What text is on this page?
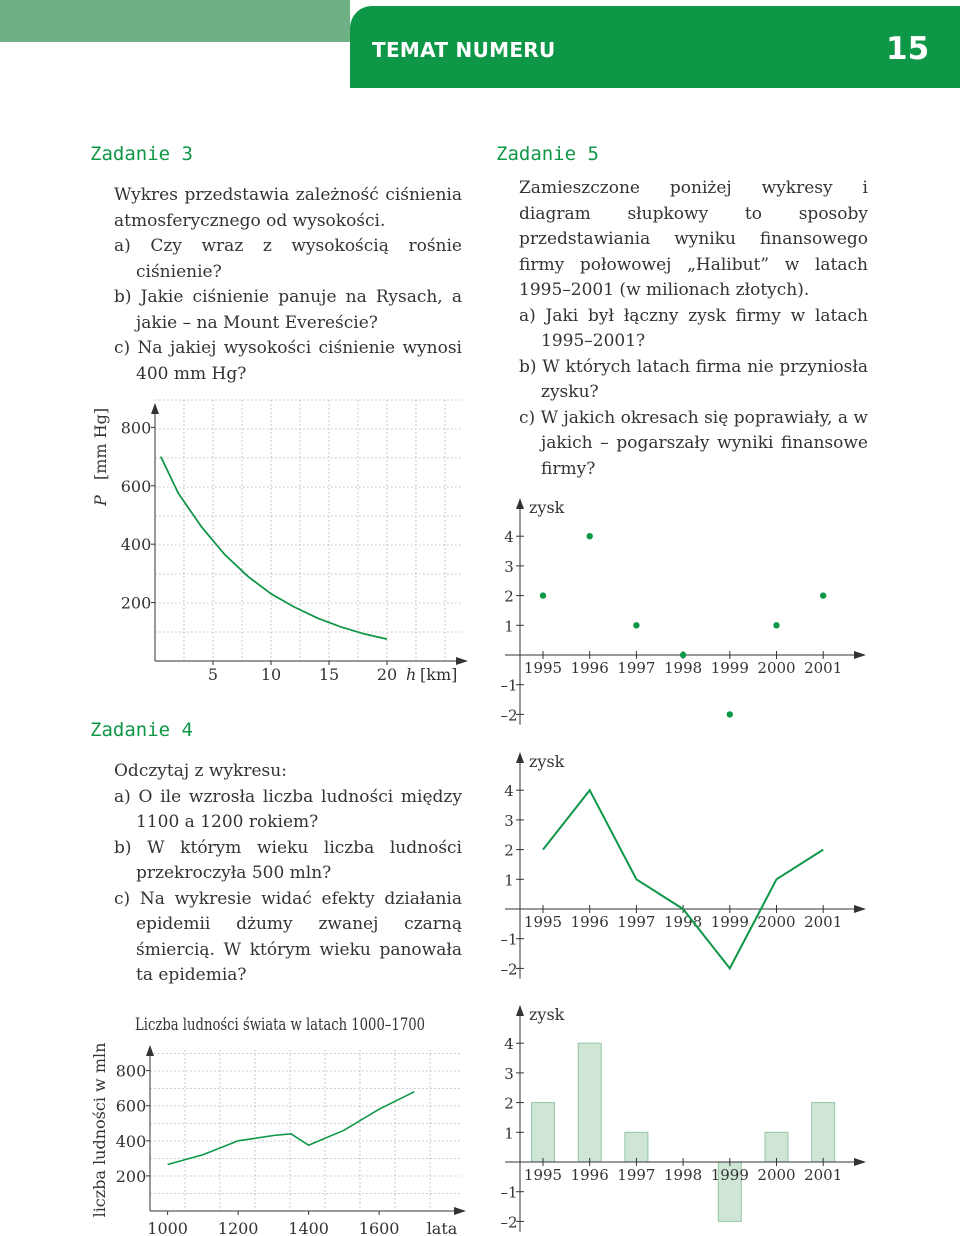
TEMAT NUMERU	15
Zadanie 3
Wykres przedstawia zależność ciśnienia atmosferycznego od wysokości.
a) Czy wraz z wysokością rośnie ciśnienie?
b) Jakie ciśnienie panuje na Rysach, a jakie – na Mount Evereście?
c) Na jakiej wysokości ciśnienie wynosi 400 mm Hg?
Zadanie 4
Odczytaj z wykresu:
a) O ile wzrosła liczba ludności między 1100 a 1200 rokiem?
b) W którym wieku liczba ludności przekroczyła 500 mln?
c) Na wykresie widać efekty działania epidemii dżumy zwanej czarną śmiercią. W którym wieku panowała ta epidemia?
Zadanie 5
Zamieszczone poniżej wykresy i diagram słupkowy to sposoby przedstawiania wyniku finansowego firmy połowowej „Halibut” w latach 1995–2001 (w milionach złotych).
a) Jaki był łączny zysk firmy w latach 1995–2001?
b) W których latach firma nie przyniosła zysku?
c) W jakich okresach się poprawiały, a w jakich – pogarszały wyniki finansowe firmy?
200
400
600
800
5	10 15 20
P
[mm Hg]
h [km]
Liczba ludności świata w latach 1000–1700
200
400
600
800
1000 1200 1400 1600 lata
liczba ludności w mln
zysk
–2
–1
1
2
3
4
1995 1996 1997 1998 1999 2000 2001
zysk
–2
–1
1
2
3
4
1995 1996 1997 1998 1999 2000 2001
zysk
–2
–1
1
2
3
4
1995 1996 1997 1998 1999 2000 2001
